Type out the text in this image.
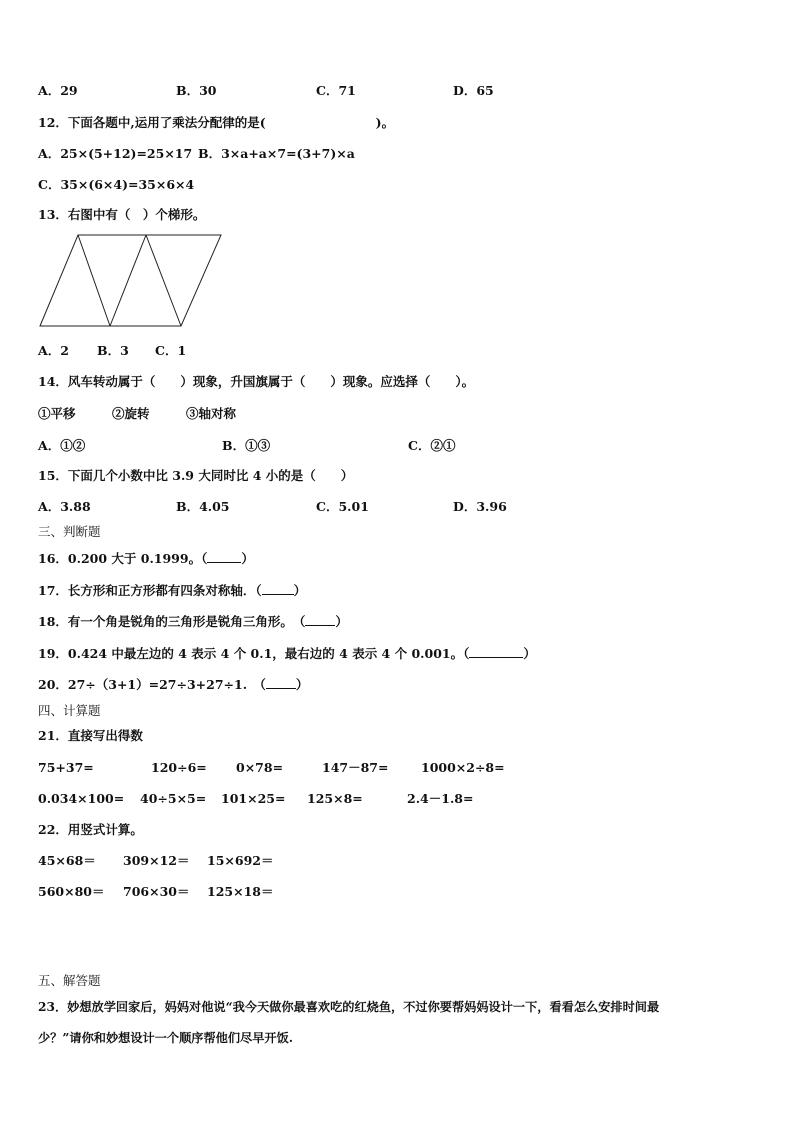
A．29	B．30	C．71	D．65
12．下面各题中,运用了乘法分配律的是(	)。
A．25×(5+12)=25×17 B．3×a+a×7=(3+7)×a
C．35×(6×4)=35×6×4
13．右图中有（　）个梯形。
A．2 B．3 C．1
14．风车转动属于（　　）现象，升国旗属于（　　）现象。应选择（　　）。
①平移	②旋转	③轴对称
A．①②	B．①③	C．②①
15．下面几个小数中比 3.9 大同时比 4 小的是（　　）
A．3.88	B．4.05	C．5.01	D．3.96
三、判断题
16．0.200 大于 0.1999。（	）
17．长方形和正方形都有四条对称轴．（	）
18．有一个角是锐角的三角形是锐角三角形。　（ ）
19．0.424 中最左边的 4 表示 4 个 0.1，最右边的 4 表示 4 个 0.001。（	）
20．27÷（3+1）=27÷3+27÷1.　（ ）
四、计算题
21．直接写出得数
75+37=	120÷6= 0×78=	147－87=	1000×2÷8=
0.034×100= 40÷5×5= 101×25= 125×8=	2.4－1.8=
22．用竖式计算。
45×68＝ 309×12＝ 15×692＝
560×80＝ 706×30＝ 125×18＝
五、解答题
23．妙想放学回家后，妈妈对他说“我今天做你最喜欢吃的红烧鱼，不过你要帮妈妈设计一下，看看怎么安排时间最
少？”请你和妙想设计一个顺序帮他们尽早开饭.
